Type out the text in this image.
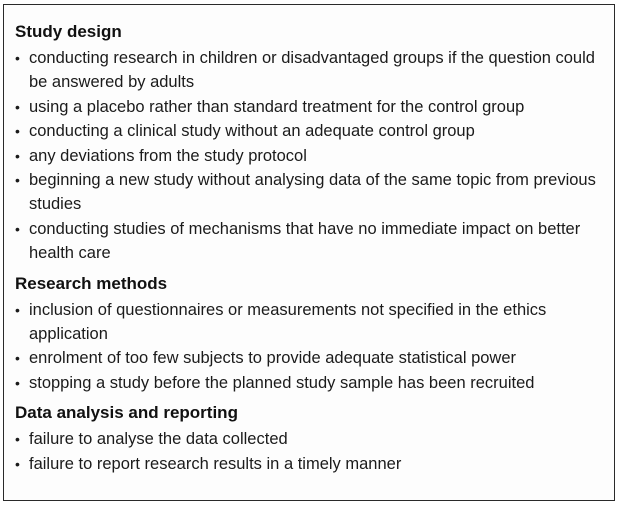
Study design
• conducting research in children or disadvantaged groups if the question could be answered by adults
• using a placebo rather than standard treatment for the control group
• conducting a clinical study without an adequate control group
• any deviations from the study protocol
• beginning a new study without analysing data of the same topic from previous studies
• conducting studies of mechanisms that have no immediate impact on better health care
Research methods
• inclusion of questionnaires or measurements not specified in the ethics application
• enrolment of too few subjects to provide adequate statistical power
• stopping a study before the planned study sample has been recruited
Data analysis and reporting
• failure to analyse the data collected
• failure to report research results in a timely manner
